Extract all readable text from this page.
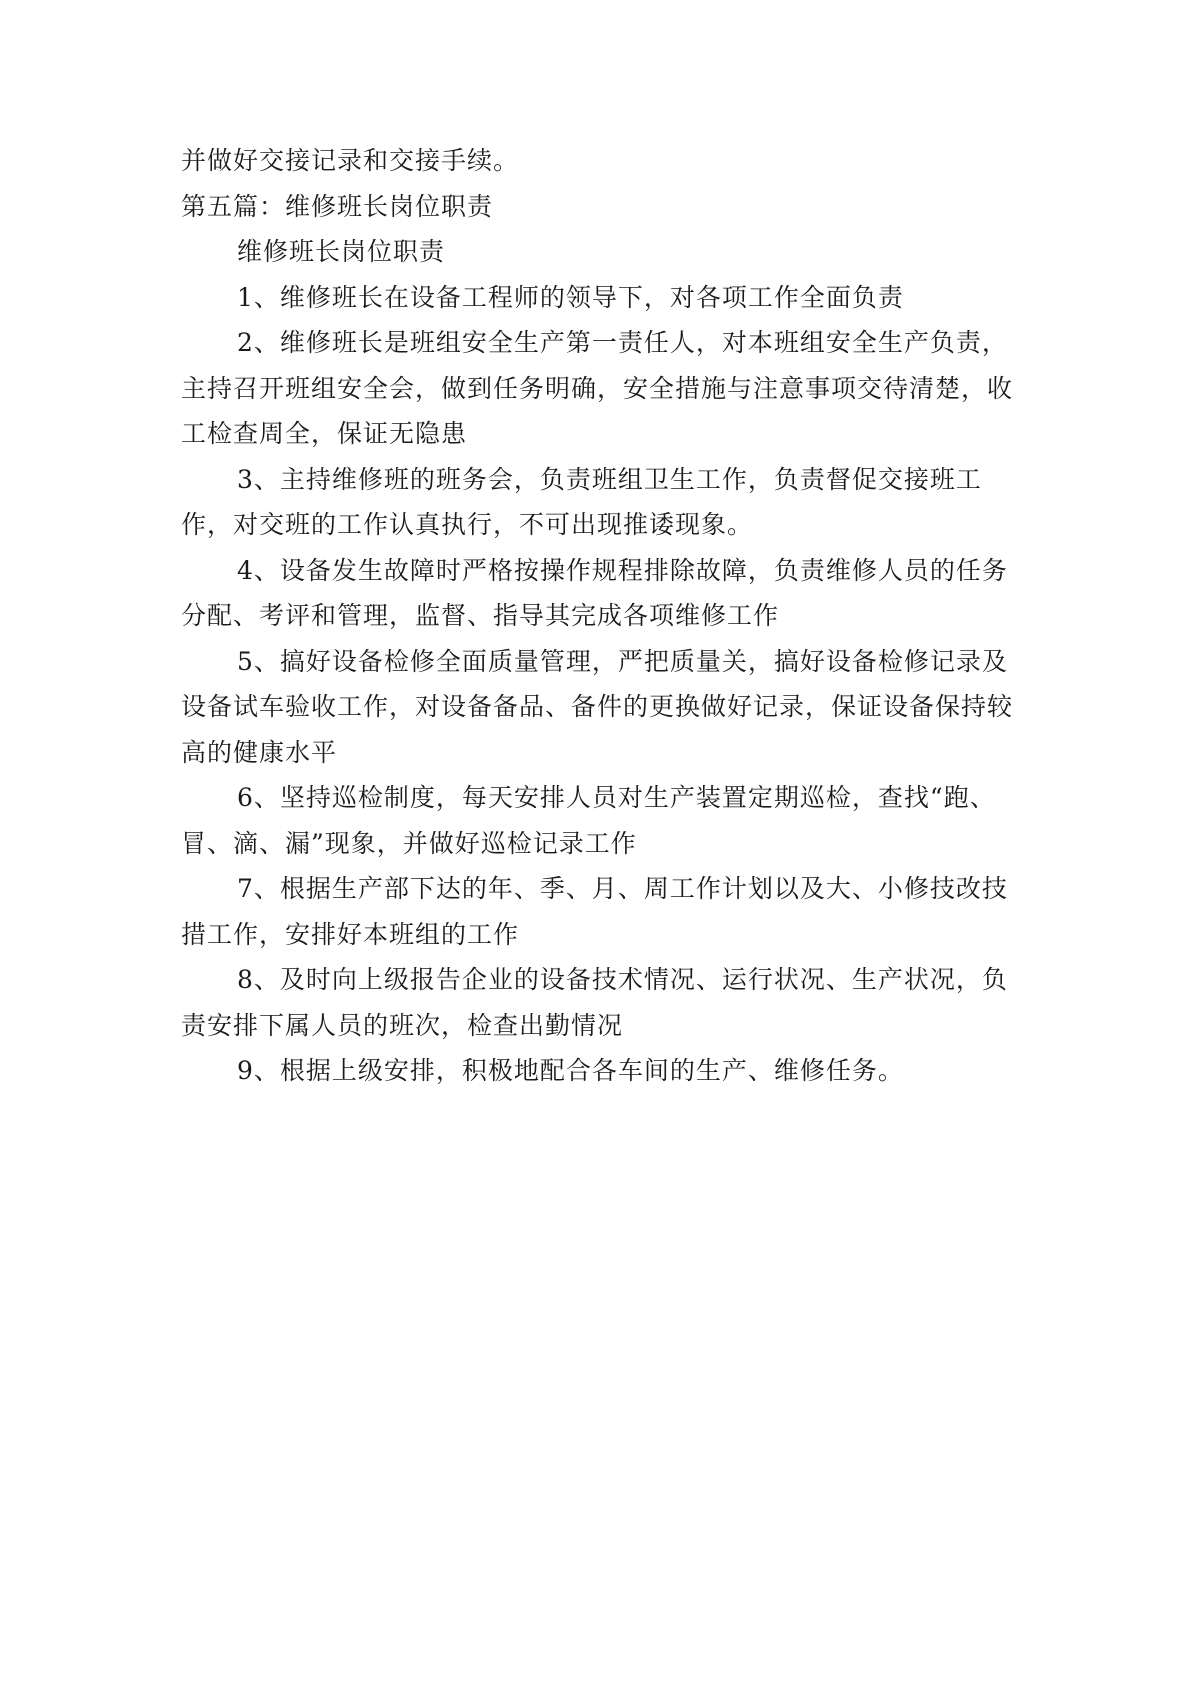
并做好交接记录和交接手续。

第五篇：维修班长岗位职责

维修班长岗位职责

1、维修班长在设备工程师的领导下，对各项工作全面负责

2、维修班长是班组安全生产第一责任人，对本班组安全生产负责，主持召开班组安全会，做到任务明确，安全措施与注意事项交待清楚，收工检查周全，保证无隐患

3、主持维修班的班务会，负责班组卫生工作，负责督促交接班工作，对交班的工作认真执行，不可出现推诿现象。

4、设备发生故障时严格按操作规程排除故障，负责维修人员的任务分配、考评和管理，监督、指导其完成各项维修工作

5、搞好设备检修全面质量管理，严把质量关，搞好设备检修记录及设备试车验收工作，对设备备品、备件的更换做好记录，保证设备保持较高的健康水平

6、坚持巡检制度，每天安排人员对生产装置定期巡检，查找“跑、冒、滴、漏”现象，并做好巡检记录工作

7、根据生产部下达的年、季、月、周工作计划以及大、小修技改技措工作，安排好本班组的工作

8、及时向上级报告企业的设备技术情况、运行状况、生产状况，负责安排下属人员的班次，检查出勤情况

9、根据上级安排，积极地配合各车间的生产、维修任务。
